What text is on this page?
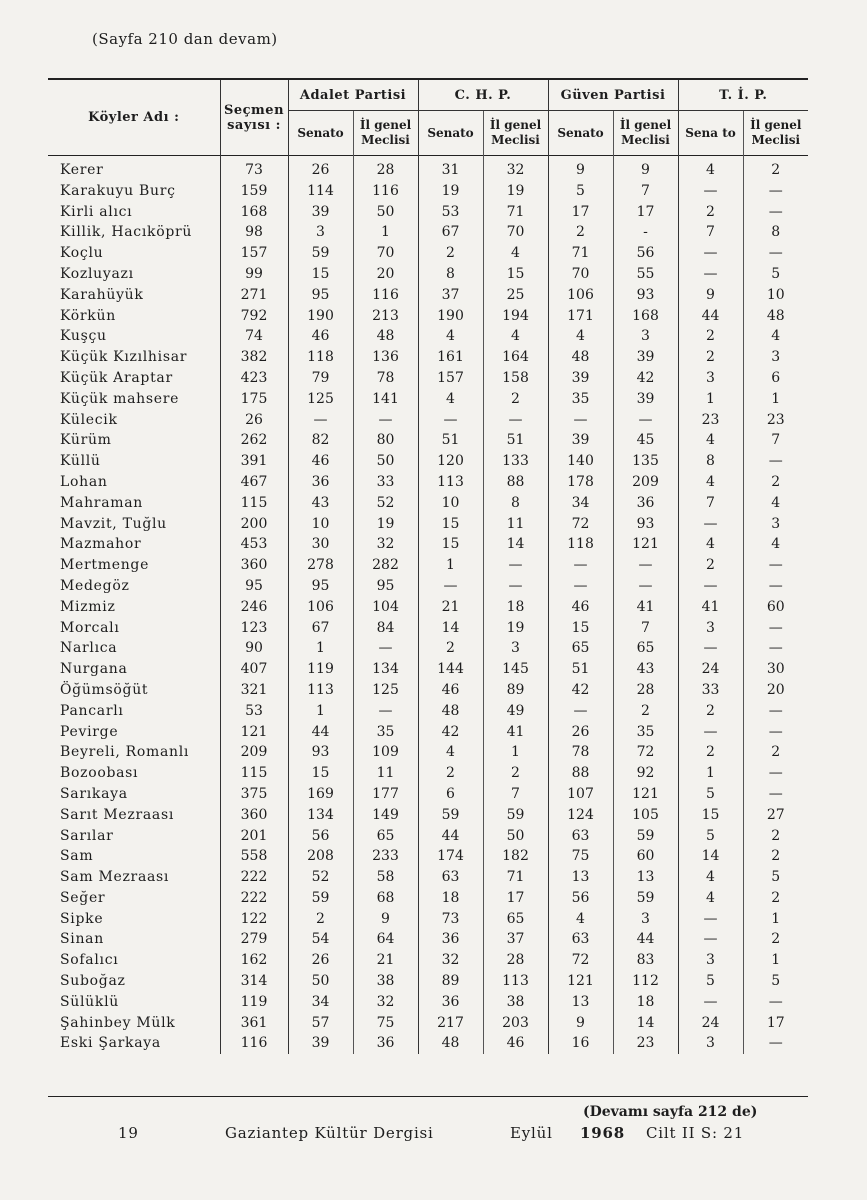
(Sayfa 210 dan devam)
Köyler Adı :	Seçmen sayısı :	Adalet Partisi		C. H. P.		Güven Partisi		T. İ. P.	
		Senato	İl genel Meclisi	Senato	İl genel Meclisi	Senato	İl genel Meclisi	Sena to	İl genel Meclisi
Kerer	73	26	28	31	32	9	9	4	2
Karakuyu Burç	159	114	116	19	19	5	7	—	—
Kirli alıcı	168	39	50	53	71	17	17	2	—
Killik, Hacıköprü	98	3	1	67	70	2	-	7	8
Koçlu	157	59	70	2	4	71	56	—	—
Kozluyazı	99	15	20	8	15	70	55	—	5
Karahüyük	271	95	116	37	25	106	93	9	10
Körkün	792	190	213	190	194	171	168	44	48
Kuşçu	74	46	48	4	4	4	3	2	4
Küçük Kızılhisar	382	118	136	161	164	48	39	2	3
Küçük Araptar	423	79	78	157	158	39	42	3	6
Küçük mahsere	175	125	141	4	2	35	39	1	1
Külecik	26	—	—	—	—	—	—	23	23
Kürüm	262	82	80	51	51	39	45	4	7
Küllü	391	46	50	120	133	140	135	8	—
Lohan	467	36	33	113	88	178	209	4	2
Mahraman	115	43	52	10	8	34	36	7	4
Mavzit, Tuğlu	200	10	19	15	11	72	93	—	3
Mazmahor	453	30	32	15	14	118	121	4	4
Mertmenge	360	278	282	1	—	—	—	2	—
Medegöz	95	95	95	—	—	—	—	—	—
Mizmiz	246	106	104	21	18	46	41	41	60
Morcalı	123	67	84	14	19	15	7	3	—
Narlıca	90	1	—	2	3	65	65	—	—
Nurgana	407	119	134	144	145	51	43	24	30
Öğümsöğüt	321	113	125	46	89	42	28	33	20
Pancarlı	53	1	—	48	49	—	2	2	—
Pevirge	121	44	35	42	41	26	35	—	—
Beyreli, Romanlı	209	93	109	4	1	78	72	2	2
Bozoobası	115	15	11	2	2	88	92	1	—
Sarıkaya	375	169	177	6	7	107	121	5	—
Sarıt Mezraası	360	134	149	59	59	124	105	15	27
Sarılar	201	56	65	44	50	63	59	5	2
Sam	558	208	233	174	182	75	60	14	2
Sam Mezraası	222	52	58	63	71	13	13	4	5
Seğer	222	59	68	18	17	56	59	4	2
Sipke	122	2	9	73	65	4	3	—	1
Sinan	279	54	64	36	37	63	44	—	2
Sofalıcı	162	26	21	32	28	72	83	3	1
Suboğaz	314	50	38	89	113	121	112	5	5
Sülüklü	119	34	32	36	38	13	18	—	—
Şahinbey Mülk	361	57	75	217	203	9	14	24	17
Eski Şarkaya	116	39	36	48	46	16	23	3	—
(Devamı sayfa 212 de)
19	Gaziantep Kültür Dergisi	Eylül 1968 Cilt II S: 21
